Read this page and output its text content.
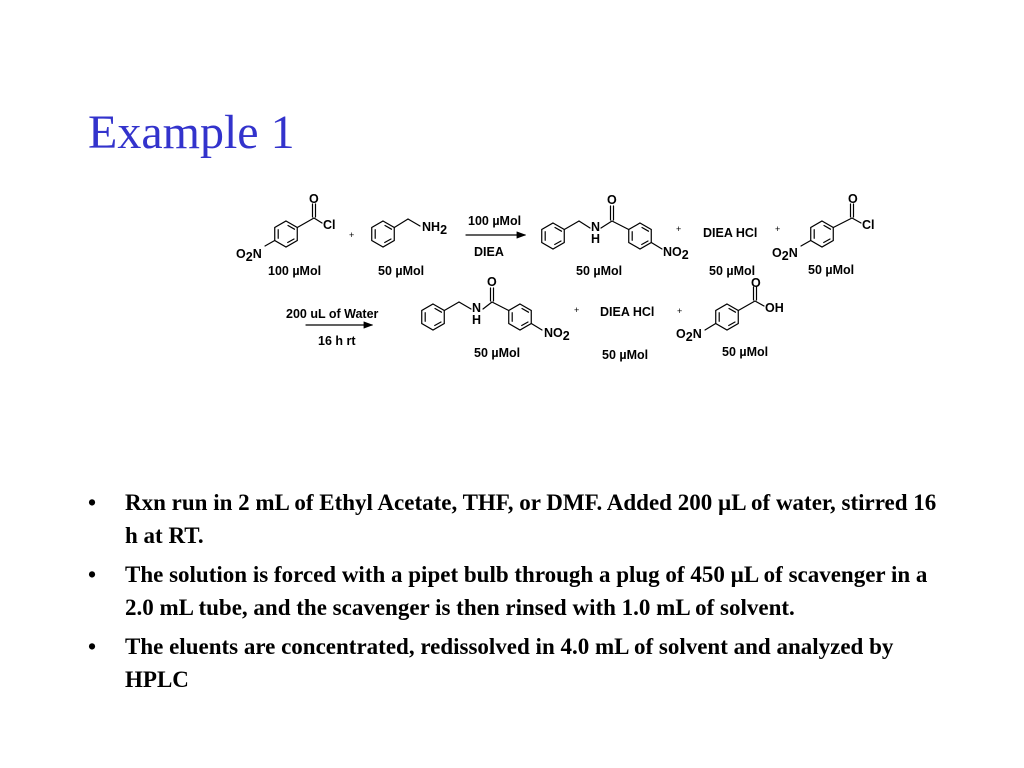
Example 1
O
Cl
O2N
+
NH2
100 µMol
DIEA
O
N
H
NO2
+ DIEA HCl +
O
Cl
O2N
100 µMol	50 µMol	50 µMol	50 µMol	50 µMol
200 uL of Water
16 h rt
O
N
H
NO2
+ DIEA HCl	+
O
OH
O2N
50 µMol	50 µMol	50 µMol
• Rxn run in 2 mL of Ethyl Acetate, THF, or DMF. Added 200 µL of water, stirred 16 h at RT.
• The solution is forced with a pipet bulb through a plug of 450 µL of scavenger in a 2.0 mL tube, and the scavenger is then rinsed with 1.0 mL of solvent.
• The eluents are concentrated, redissolved in 4.0 mL of solvent and analyzed by HPLC
